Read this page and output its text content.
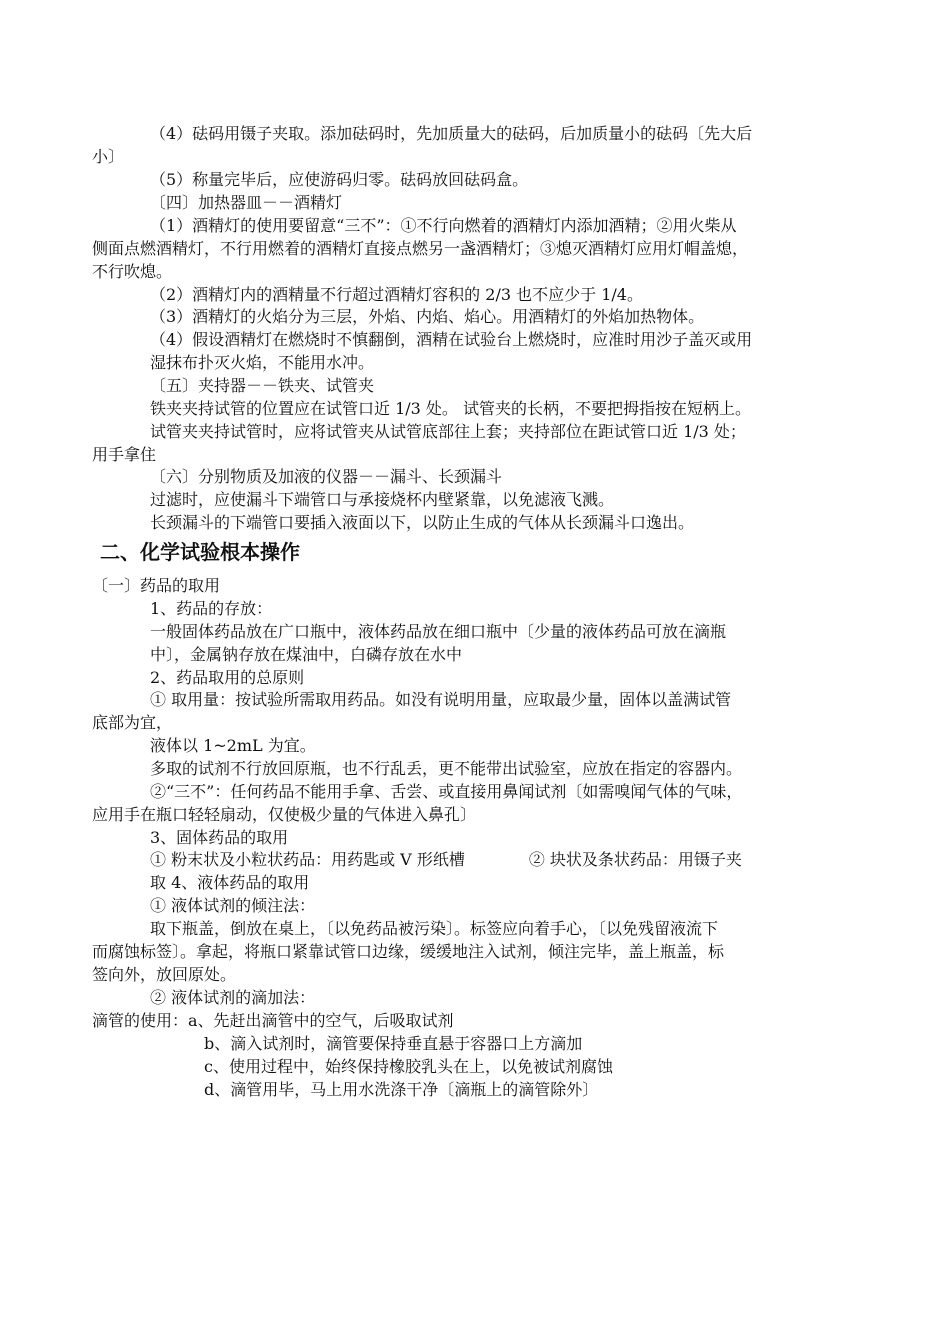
（4）砝码用镊子夹取。添加砝码时，先加质量大的砝码，后加质量小的砝码〔先大后
小〕
（5）称量完毕后，应使游码归零。砝码放回砝码盒。
〔四〕加热器皿－－酒精灯
（1）酒精灯的使用要留意“三不”：①不行向燃着的酒精灯内添加酒精；②用火柴从
侧面点燃酒精灯，不行用燃着的酒精灯直接点燃另一盏酒精灯；③熄灭酒精灯应用灯帽盖熄，
不行吹熄。
（2）酒精灯内的酒精量不行超过酒精灯容积的 2/3 也不应少于 1/4。
（3）酒精灯的火焰分为三层，外焰、内焰、焰心。用酒精灯的外焰加热物体。
（4）假设酒精灯在燃烧时不慎翻倒，酒精在试验台上燃烧时，应准时用沙子盖灭或用
湿抹布扑灭火焰，不能用水冲。
〔五〕夹持器－－铁夹、试管夹
铁夹夹持试管的位置应在试管口近 1/3 处。 试管夹的长柄，不要把拇指按在短柄上。
试管夹夹持试管时，应将试管夹从试管底部往上套；夹持部位在距试管口近 1/3 处；
用手拿住
〔六〕分别物质及加液的仪器－－漏斗、长颈漏斗
过滤时，应使漏斗下端管口与承接烧杯内壁紧靠，以免滤液飞溅。
长颈漏斗的下端管口要插入液面以下，以防止生成的气体从长颈漏斗口逸出。
二、化学试验根本操作
〔一〕药品的取用
1、药品的存放：
一般固体药品放在广口瓶中，液体药品放在细口瓶中〔少量的液体药品可放在滴瓶
中〕，金属钠存放在煤油中，白磷存放在水中
2、药品取用的总原则
① 取用量：按试验所需取用药品。如没有说明用量，应取最少量，固体以盖满试管
底部为宜，
液体以 1~2mL 为宜。
多取的试剂不行放回原瓶，也不行乱丢，更不能带出试验室，应放在指定的容器内。
②“三不”：任何药品不能用手拿、舌尝、或直接用鼻闻试剂〔如需嗅闻气体的气味，
应用手在瓶口轻轻扇动，仅使极少量的气体进入鼻孔〕
3、固体药品的取用
① 粉末状及小粒状药品：用药匙或 V 形纸槽	② 块状及条状药品：用镊子夹
取 4、液体药品的取用
① 液体试剂的倾注法：
取下瓶盖，倒放在桌上，〔以免药品被污染〕。标签应向着手心，〔以免残留液流下
而腐蚀标签〕。拿起，将瓶口紧靠试管口边缘，缓缓地注入试剂，倾注完毕，盖上瓶盖，标
签向外，放回原处。
② 液体试剂的滴加法：
滴管的使用：a、先赶出滴管中的空气，后吸取试剂
b、滴入试剂时，滴管要保持垂直悬于容器口上方滴加
c、使用过程中，始终保持橡胶乳头在上，以免被试剂腐蚀
d、滴管用毕，马上用水洗涤干净〔滴瓶上的滴管除外〕
